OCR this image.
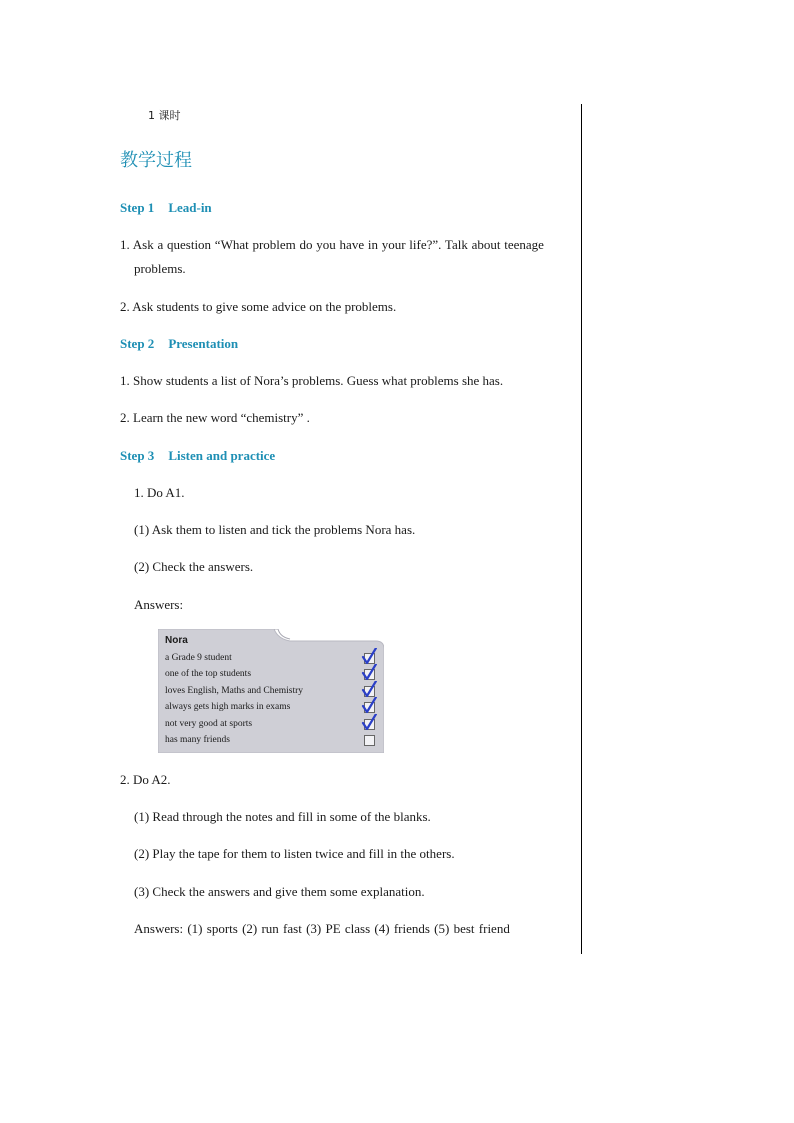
1 课时
教学过程
Step 1 Lead-in
1. Ask a question “What problem do you have in your life?”. Talk about teenage
problems.
2. Ask students to give some advice on the problems.
Step 2 Presentation
1. Show students a list of Nora’s problems. Guess what problems she has.
2. Learn the new word “chemistry” .
Step 3 Listen and practice
1. Do A1.
(1) Ask them to listen and tick the problems Nora has.
(2) Check the answers.
Answers:
Nora
a Grade 9 student
one of the top students
loves English, Maths and Chemistry
always gets high marks in exams
not very good at sports
has many friends
2. Do A2.
(1) Read through the notes and fill in some of the blanks.
(2) Play the tape for them to listen twice and fill in the others.
(3) Check the answers and give them some explanation.
Answers: (1) sports (2) run fast (3) PE class (4) friends (5) best friend
